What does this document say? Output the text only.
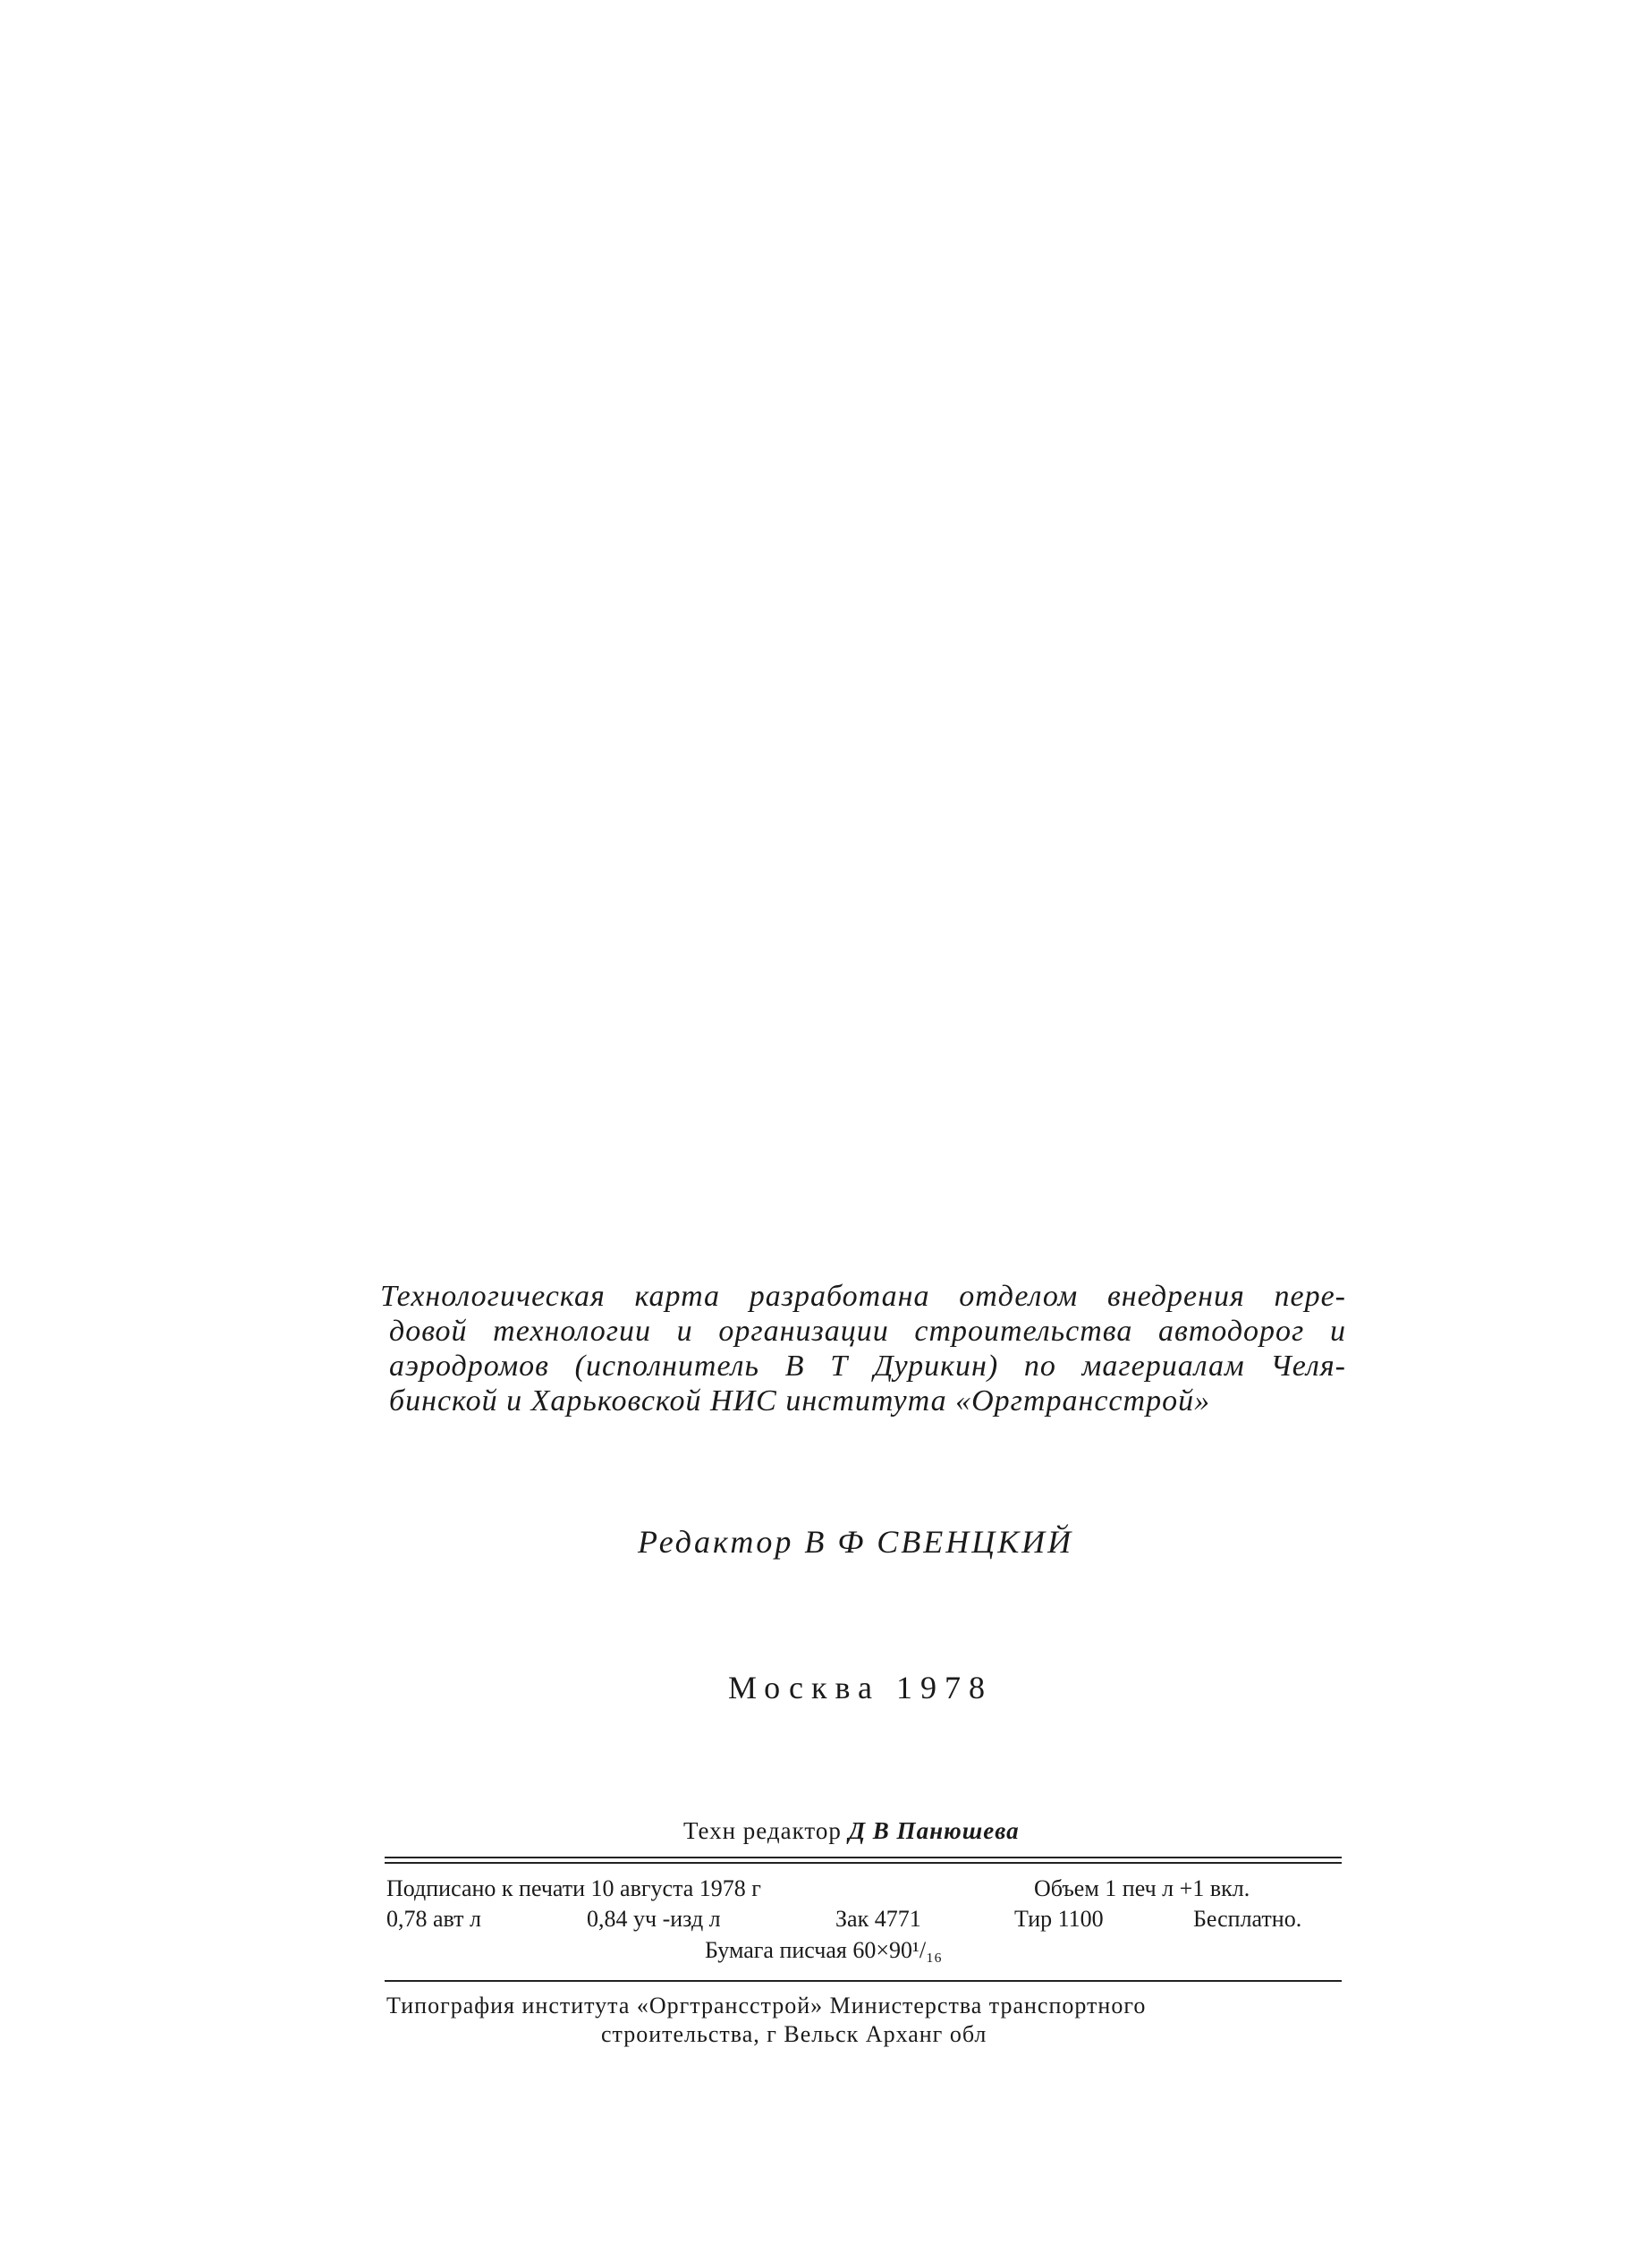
Технологическая карта разработана отделом внедрения пере-
довой технологии и организации строительства автодорог и
аэродромов (исполнитель В Т Дурикин) по магериалам Челя-
бинской и Харьковской НИС института «Оргтрансстрой»
Редактор В Ф СВЕНЦКИЙ
Москва 1978
Техн редактор Д В Панюшева
Подписано к печати 10 августа 1978 г	Объем 1 печ л +1 вкл.
0,78 авт л	0,84 уч -изд л	Зак 4771	Тир 1100	Бесплатно.
Бумага писчая 60×90¹/₁₆
Типография института «Оргтрансстрой» Министерства транспортного
строительства, г Вельск Арханг обл
